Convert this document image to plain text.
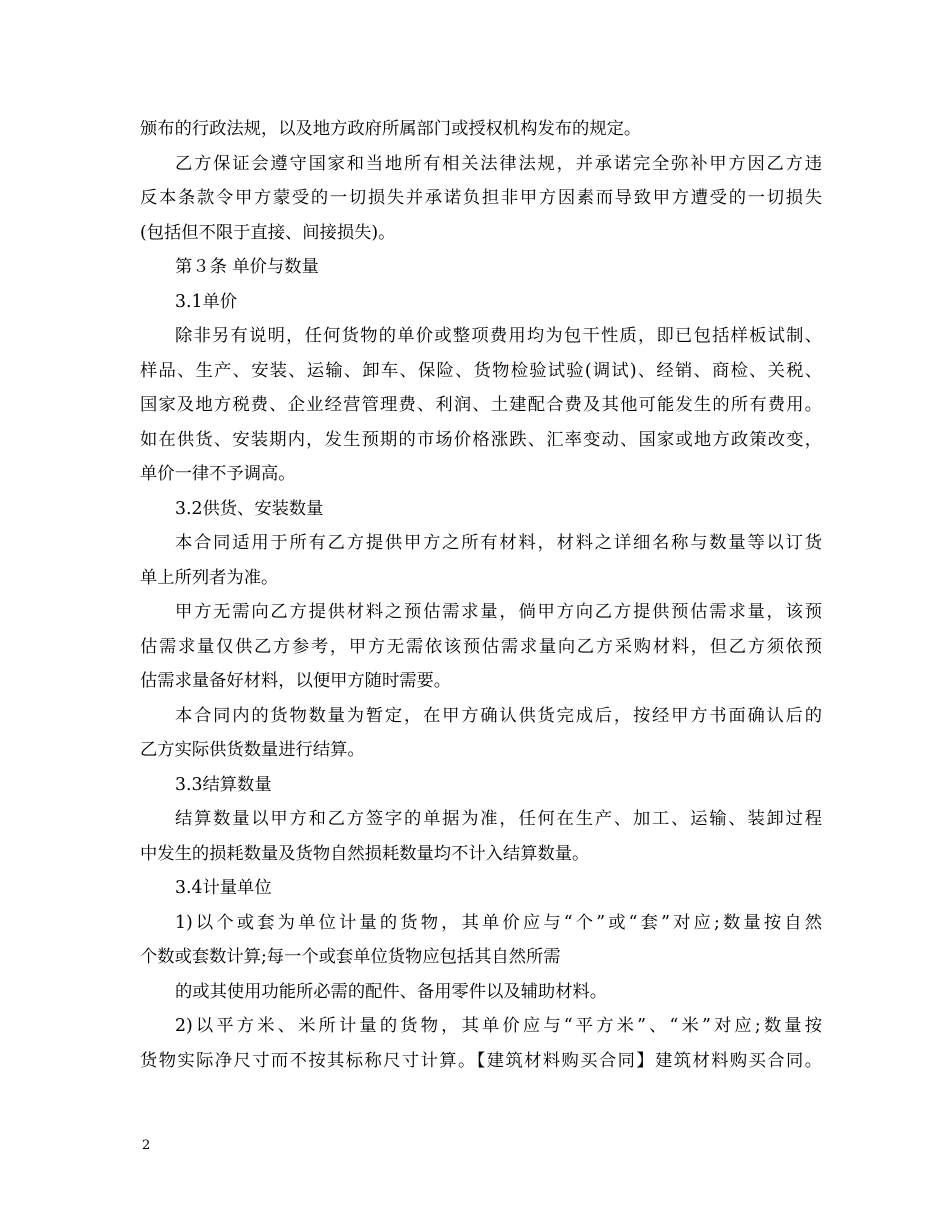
颁布的行政法规，以及地方政府所属部门或授权机构发布的规定。
乙方保证会遵守国家和当地所有相关法律法规，并承诺完全弥补甲方因乙方违
反本条款令甲方蒙受的一切损失并承诺负担非甲方因素而导致甲方遭受的一切损失
(包括但不限于直接、间接损失)。
第３条 单价与数量
3.1单价
除非另有说明，任何货物的单价或整项费用均为包干性质，即已包括样板试制、
样品、生产、安装、运输、卸车、保险、货物检验试验(调试)、经销、商检、关税、
国家及地方税费、企业经营管理费、利润、土建配合费及其他可能发生的所有费用。
如在供货、安装期内，发生预期的市场价格涨跌、汇率变动、国家或地方政策改变，
单价一律不予调高。
3.2供货、安装数量
本合同适用于所有乙方提供甲方之所有材料，材料之详细名称与数量等以订货
单上所列者为准。
甲方无需向乙方提供材料之预估需求量，倘甲方向乙方提供预估需求量，该预
估需求量仅供乙方参考，甲方无需依该预估需求量向乙方采购材料，但乙方须依预
估需求量备好材料，以便甲方随时需要。
本合同内的货物数量为暂定，在甲方确认供货完成后，按经甲方书面确认后的
乙方实际供货数量进行结算。
3.3结算数量
结算数量以甲方和乙方签字的单据为准，任何在生产、加工、运输、装卸过程
中发生的损耗数量及货物自然损耗数量均不计入结算数量。
3.4计量单位
1)以个或套为单位计量的货物，其单价应与“个”或“套”对应;数量按自然
个数或套数计算;每一个或套单位货物应包括其自然所需
的或其使用功能所必需的配件、备用零件以及辅助材料。
2)以平方米、米所计量的货物，其单价应与“平方米”、“米”对应;数量按
货物实际净尺寸而不按其标称尺寸计算。【建筑材料购买合同】建筑材料购买合同。
2
